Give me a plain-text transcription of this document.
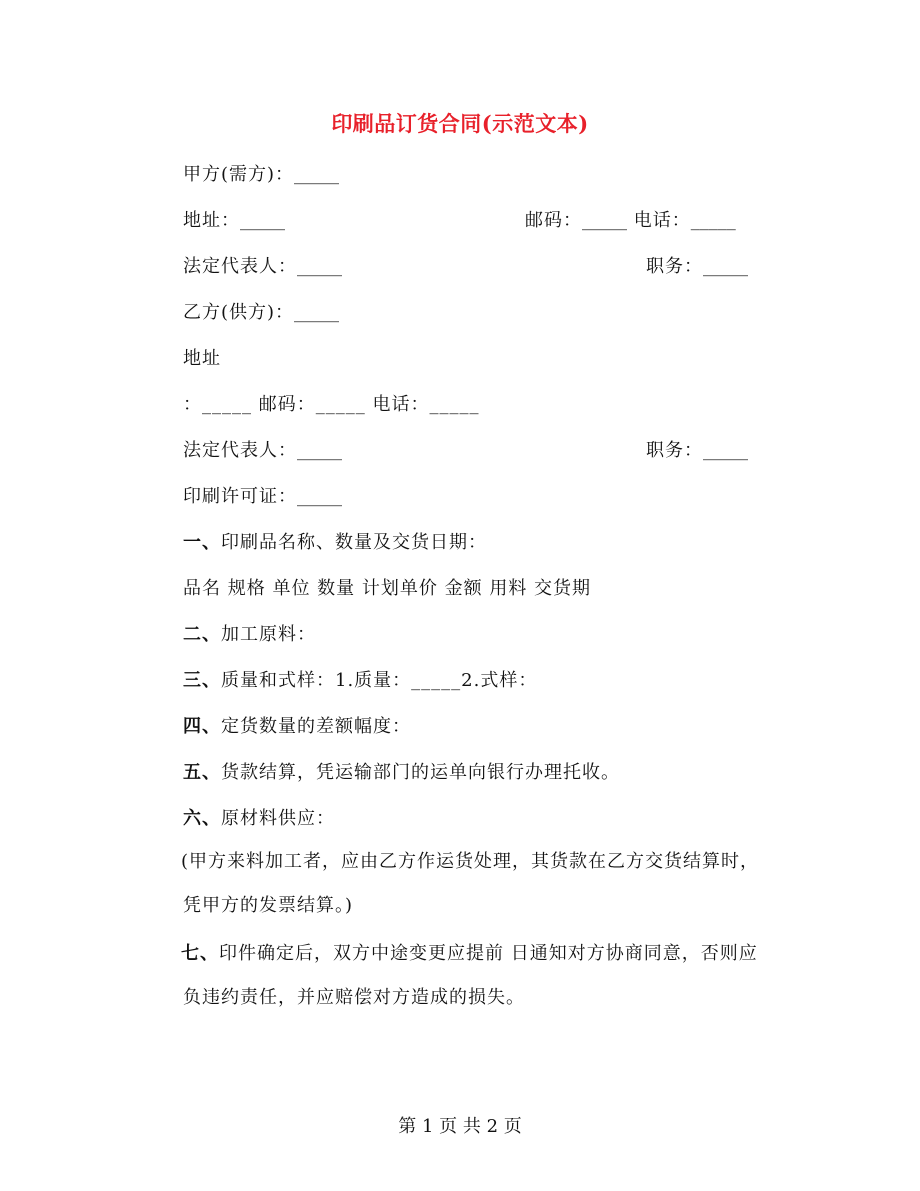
印刷品订货合同(示范文本)
甲方(需方)：_____
地址：_____	邮码：_____ 电话：_____
法定代表人：_____	职务：_____
乙方(供方)：_____
地址
：_____ 邮码：_____ 电话：_____
法定代表人：_____	职务：_____
印刷许可证：_____
一、印刷品名称、数量及交货日期：
品名 规格 单位 数量 计划单价 金额 用料 交货期
二、加工原料：
三、质量和式样：1.质量：_____2.式样：
四、定货数量的差额幅度：
五、货款结算，凭运输部门的运单向银行办理托收。
六、原材料供应：
(甲方来料加工者，应由乙方作运货处理，其货款在乙方交货结算时，凭甲方的发票结算。)
七、印件确定后，双方中途变更应提前 日通知对方协商同意，否则应负违约责任，并应赔偿对方造成的损失。
第 1 页 共 2 页
